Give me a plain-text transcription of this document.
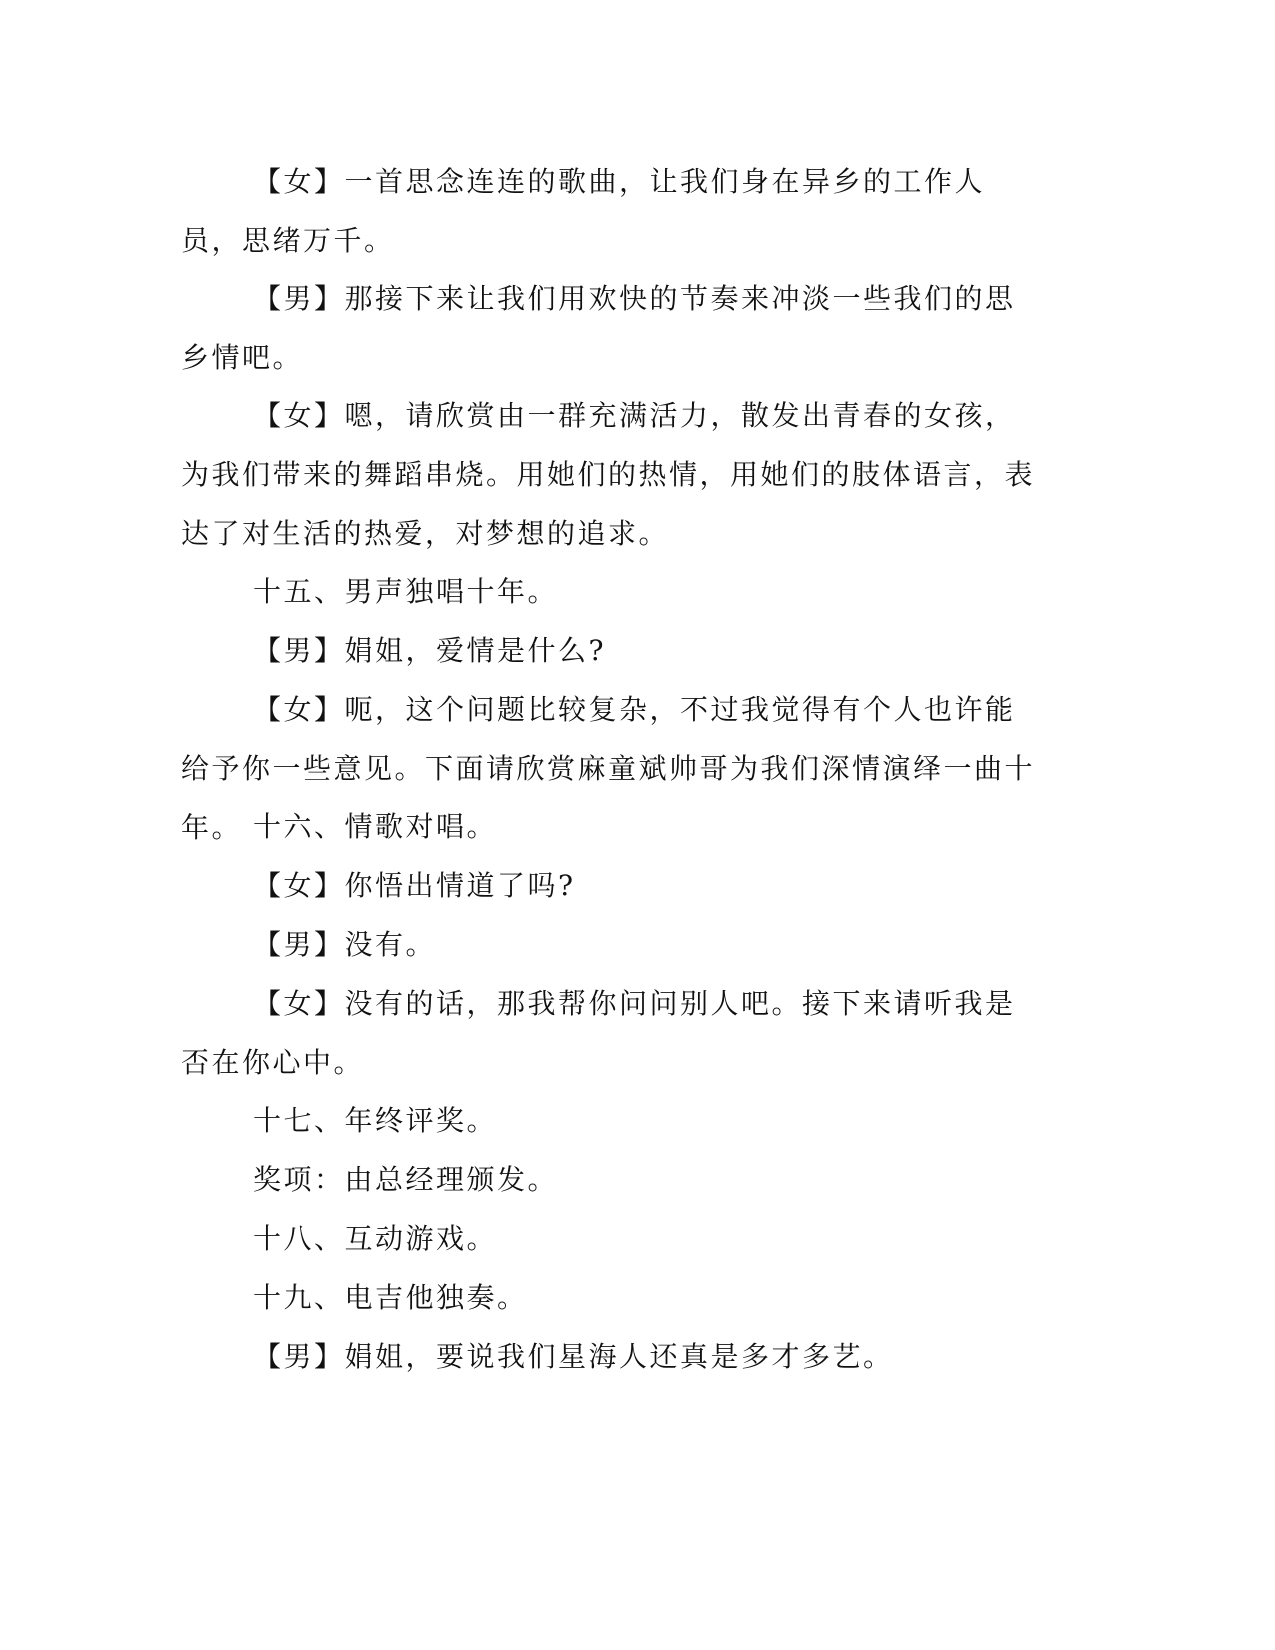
【女】一首思念连连的歌曲，让我们身在异乡的工作人员，思绪万千。

【男】那接下来让我们用欢快的节奏来冲淡一些我们的思乡情吧。

【女】嗯，请欣赏由一群充满活力，散发出青春的女孩，为我们带来的舞蹈串烧。用她们的热情，用她们的肢体语言，表达了对生活的热爱，对梦想的追求。

十五、男声独唱十年。

【男】娟姐，爱情是什么?

【女】呃，这个问题比较复杂，不过我觉得有个人也许能给予你一些意见。下面请欣赏麻童斌帅哥为我们深情演绎一曲十年。 十六、情歌对唱。

【女】你悟出情道了吗?

【男】没有。

【女】没有的话，那我帮你问问别人吧。接下来请听我是否在你心中。

十七、年终评奖。

奖项：由总经理颁发。

十八、互动游戏。

十九、电吉他独奏。

【男】娟姐，要说我们星海人还真是多才多艺。
